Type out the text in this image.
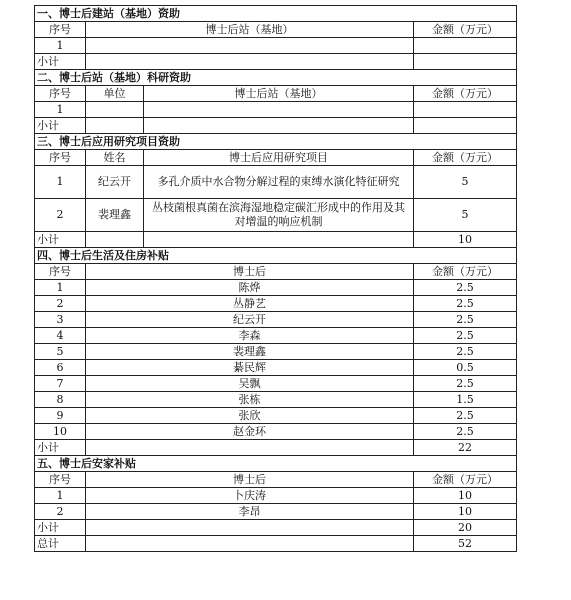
一、博士后建站（基地）资助			
序号	博士后站（基地）		金额（万元）
1			
小计			
二、博士后站（基地）科研资助			
序号	单位	博士后站（基地）	金额（万元）
1			
小计			
三、博士后应用研究项目资助			
序号	姓名	博士后应用研究项目	金额（万元）
1	纪云开	多孔介质中水合物分解过程的束缚水演化特征研究	5
2	裴理鑫	丛枝菌根真菌在滨海湿地稳定碳汇形成中的作用及其对增温的响应机制	5
小计			10
四、博士后生活及住房补贴			
序号	博士后		金额（万元）
1	陈烨		2.5
2	丛静艺		2.5
3	纪云开		2.5
4	李森		2.5
5	裴理鑫		2.5
6	綦民辉		0.5
7	吴飘		2.5
8	张栋		1.5
9	张欣		2.5
10	赵金环		2.5
小计			22
五、博士后安家补贴			
序号	博士后		金额（万元）
1	卜庆涛		10
2	李昂		10
小计			20
总计			52
